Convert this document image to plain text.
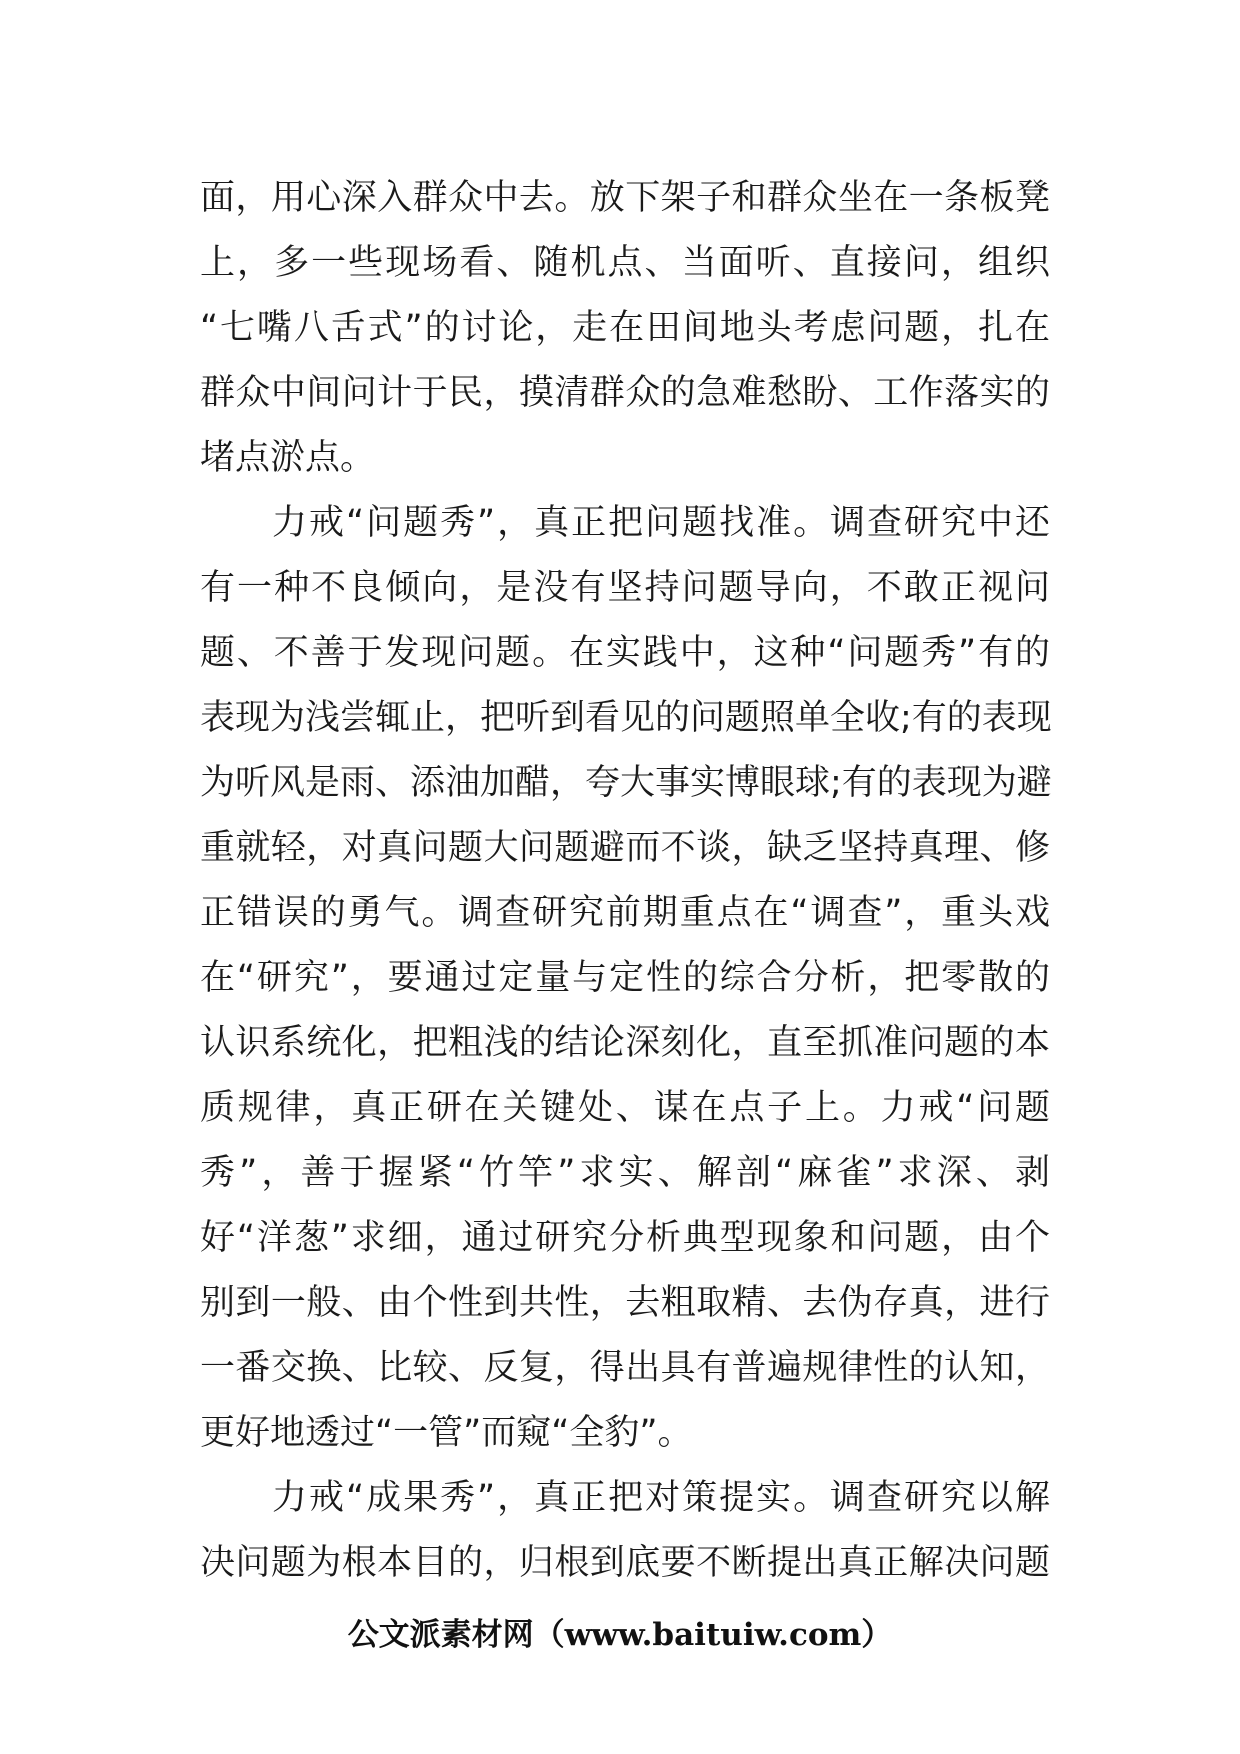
面，用心深入群众中去。放下架子和群众坐在一条板凳
上，多一些现场看、随机点、当面听、直接问，组织
“七嘴八舌式”的讨论，走在田间地头考虑问题，扎在
群众中间问计于民，摸清群众的急难愁盼、工作落实的
堵点淤点。
力戒“问题秀”，真正把问题找准。调查研究中还
有一种不良倾向，是没有坚持问题导向，不敢正视问
题、不善于发现问题。在实践中，这种“问题秀”有的
表现为浅尝辄止，把听到看见的问题照单全收;有的表现
为听风是雨、添油加醋，夸大事实博眼球;有的表现为避
重就轻，对真问题大问题避而不谈，缺乏坚持真理、修
正错误的勇气。调查研究前期重点在“调查”，重头戏
在“研究”，要通过定量与定性的综合分析，把零散的
认识系统化，把粗浅的结论深刻化，直至抓准问题的本
质规律，真正研在关键处、谋在点子上。力戒“问题
秀”，善于握紧“竹竿”求实、解剖“麻雀”求深、剥
好“洋葱”求细，通过研究分析典型现象和问题，由个
别到一般、由个性到共性，去粗取精、去伪存真，进行
一番交换、比较、反复，得出具有普遍规律性的认知，
更好地透过“一管”而窥“全豹”。
力戒“成果秀”，真正把对策提实。调查研究以解
决问题为根本目的，归根到底要不断提出真正解决问题
公文派素材网（www.baituiw.com）
